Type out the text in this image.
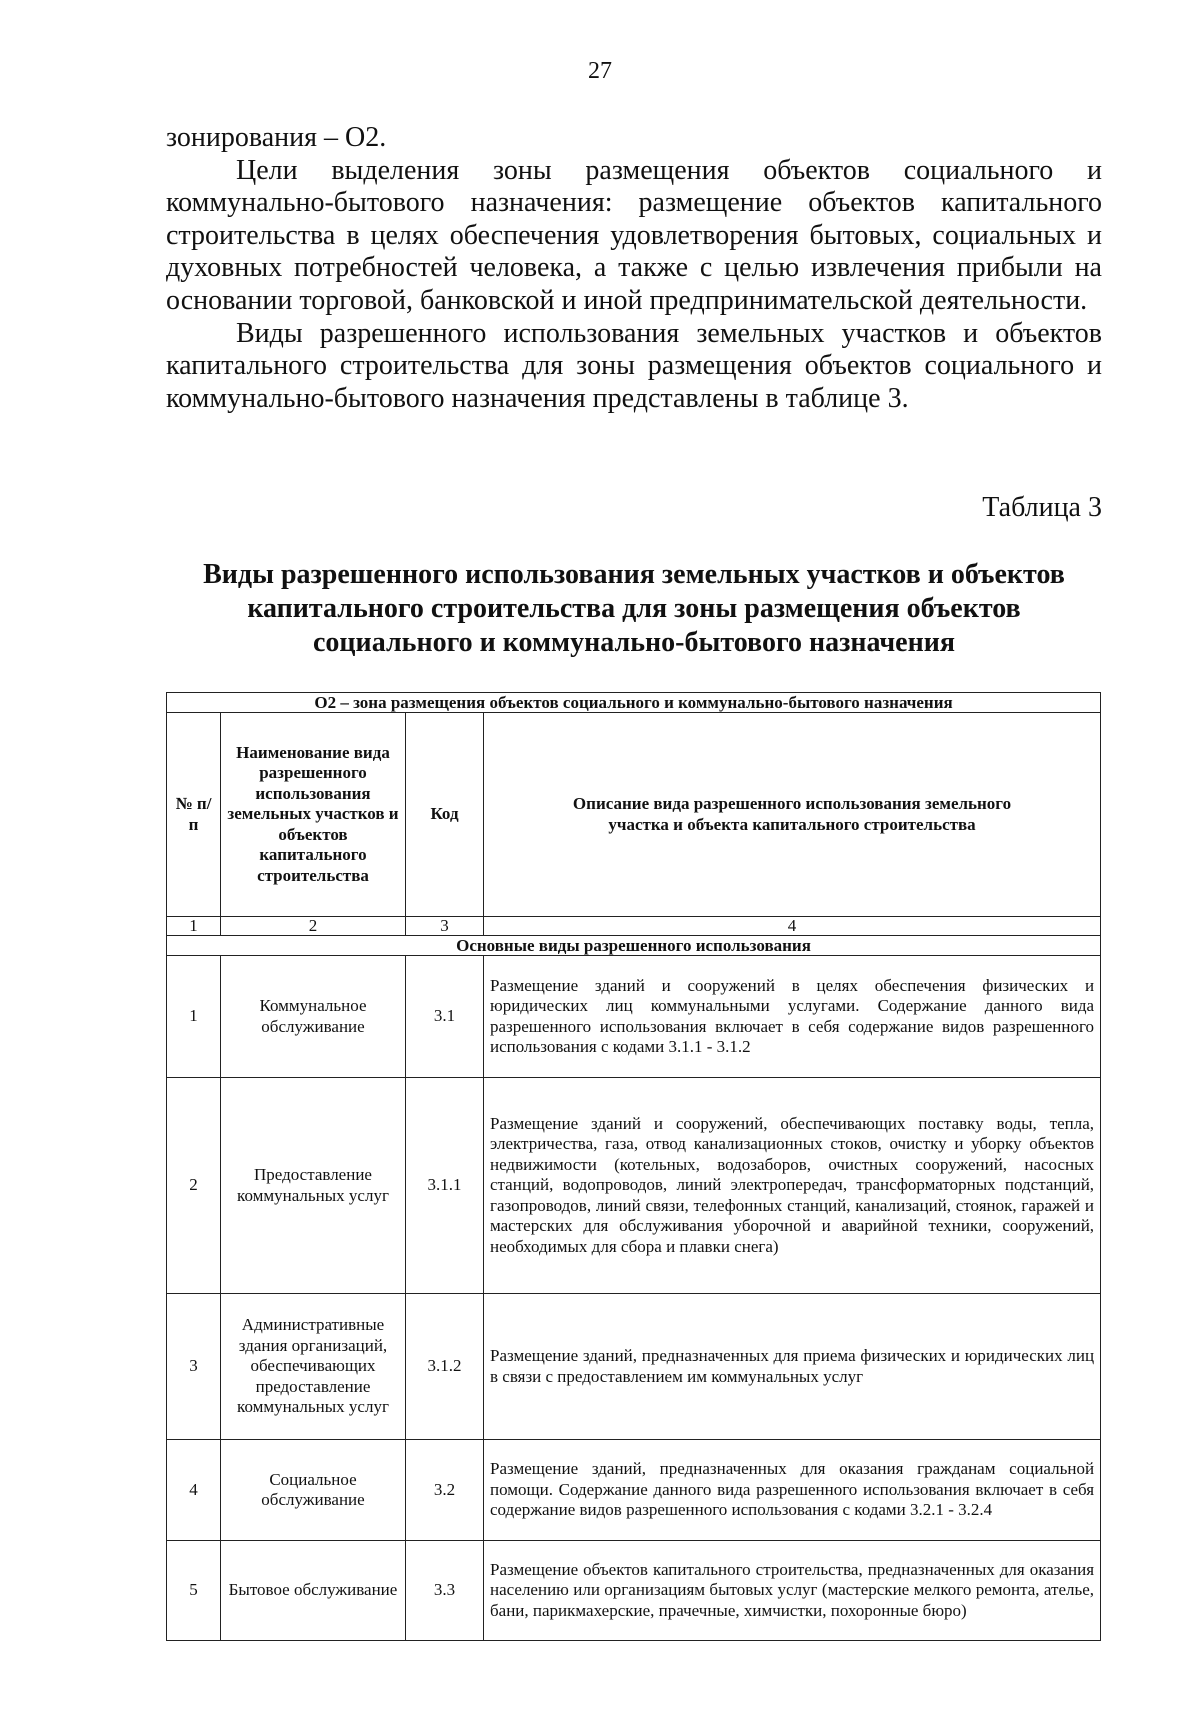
27

зонирования – О2.

Цели выделения зоны размещения объектов социального и коммунально-бытового назначения: размещение объектов капитального строительства в целях обеспечения удовлетворения бытовых, социальных и духовных потребностей человека, а также с целью извлечения прибыли на основании торговой, банковской и иной предпринимательской деятельности.

Виды разрешенного использования земельных участков и объектов капитального строительства для зоны размещения объектов социального и коммунально-бытового назначения представлены в таблице 3.

Таблица 3
Виды разрешенного использования земельных участков и объектов капитального строительства для зоны размещения объектов социального и коммунально-бытового назначения
О2 – зона размещения объектов социального и коммунально-бытового назначения			
№ п/п	Наименование вида разрешенного использования земельных участков и объектов капитального строительства	Код	Описание вида разрешенного использования земельного участка и объекта капитального строительства
1	2	3	4
Основные виды разрешенного использования			
1	Коммунальное обслуживание	3.1	Размещение зданий и сооружений в целях обеспечения физических и юридических лиц коммунальными услугами. Содержание данного вида разрешенного использования включает в себя содержание видов разрешенного использования с кодами 3.1.1 - 3.1.2
2	Предоставление коммунальных услуг	3.1.1	Размещение зданий и сооружений, обеспечивающих поставку воды, тепла, электричества, газа, отвод канализационных стоков, очистку и уборку объектов недвижимости (котельных, водозаборов, очистных сооружений, насосных станций, водопроводов, линий электропередач, трансформаторных подстанций, газопроводов, линий связи, телефонных станций, канализаций, стоянок, гаражей и мастерских для обслуживания уборочной и аварийной техники, сооружений, необходимых для сбора и плавки снега)
3	Административные здания организаций, обеспечивающих предоставление коммунальных услуг	3.1.2	Размещение зданий, предназначенных для приема физических и юридических лиц в связи с предоставлением им коммунальных услуг
4	Социальное обслуживание	3.2	Размещение зданий, предназначенных для оказания гражданам социальной помощи. Содержание данного вида разрешенного использования включает в себя содержание видов разрешенного использования с кодами 3.2.1 - 3.2.4
5	Бытовое обслуживание	3.3	Размещение объектов капитального строительства, предназначенных для оказания населению или организациям бытовых услуг (мастерские мелкого ремонта, ателье, бани, парикмахерские, прачечные, химчистки, похоронные бюро)
